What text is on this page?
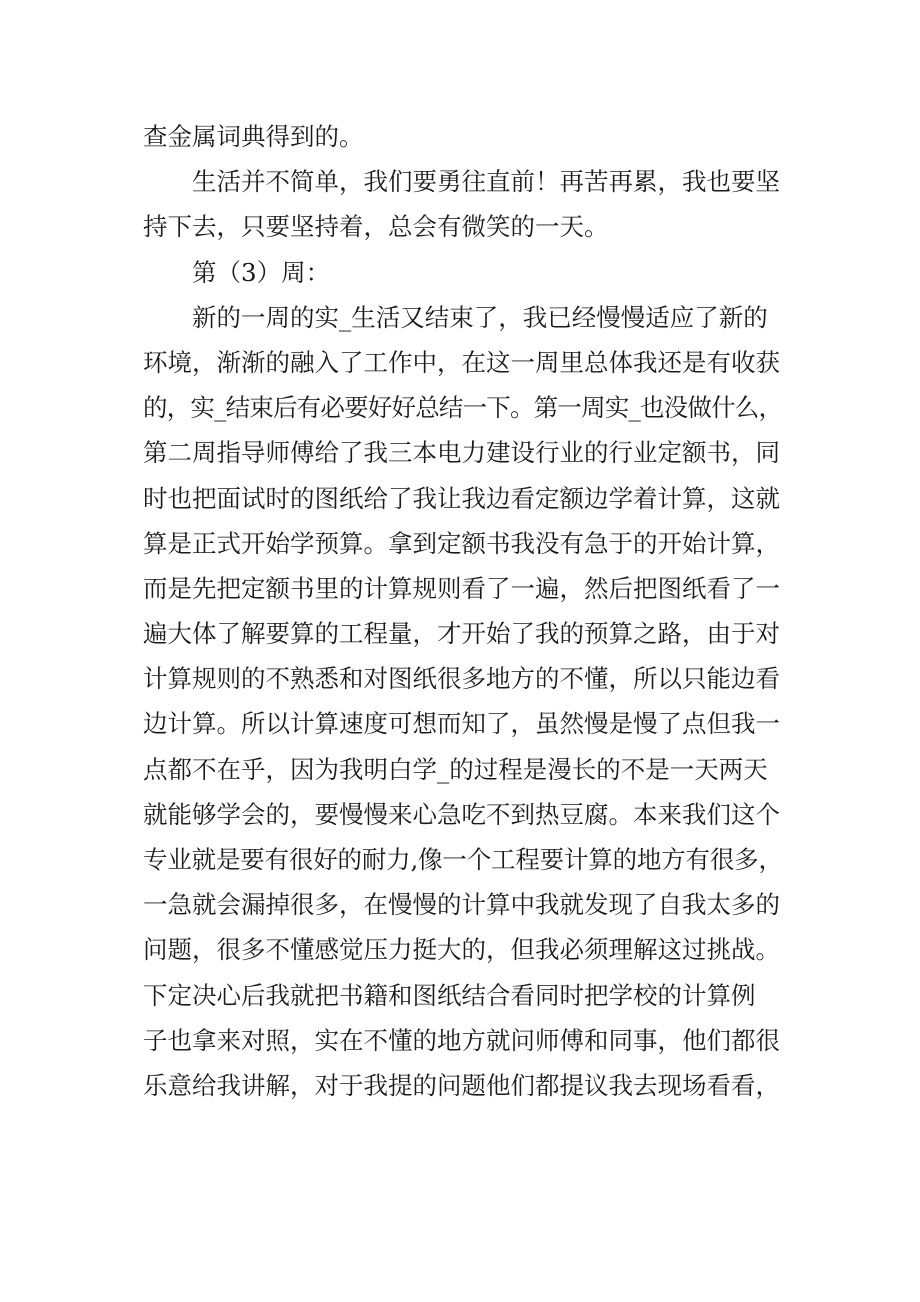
查金属词典得到的。
生活并不简单，我们要勇往直前！再苦再累，我也要坚
持下去，只要坚持着，总会有微笑的一天。
第（3）周：
新的一周的实_生活又结束了，我已经慢慢适应了新的
环境，渐渐的融入了工作中，在这一周里总体我还是有收获
的，实_结束后有必要好好总结一下。第一周实_也没做什么，
第二周指导师傅给了我三本电力建设行业的行业定额书，同
时也把面试时的图纸给了我让我边看定额边学着计算，这就
算是正式开始学预算。拿到定额书我没有急于的开始计算，
而是先把定额书里的计算规则看了一遍，然后把图纸看了一
遍大体了解要算的工程量，才开始了我的预算之路，由于对
计算规则的不熟悉和对图纸很多地方的不懂，所以只能边看
边计算。所以计算速度可想而知了，虽然慢是慢了点但我一
点都不在乎，因为我明白学_的过程是漫长的不是一天两天
就能够学会的，要慢慢来心急吃不到热豆腐。本来我们这个
专业就是要有很好的耐力,像一个工程要计算的地方有很多，
一急就会漏掉很多，在慢慢的计算中我就发现了自我太多的
问题，很多不懂感觉压力挺大的，但我必须理解这过挑战。
下定决心后我就把书籍和图纸结合看同时把学校的计算例
子也拿来对照，实在不懂的地方就问师傅和同事，他们都很
乐意给我讲解，对于我提的问题他们都提议我去现场看看，
